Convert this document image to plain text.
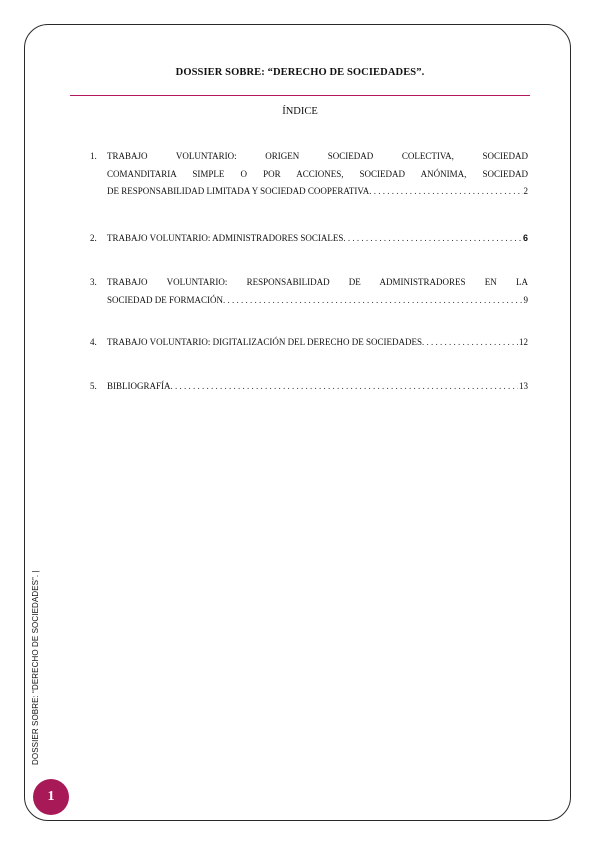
DOSSIER SOBRE: “DERECHO DE SOCIEDADES”.
ÍNDICE
1.	TRABAJO VOLUNTARIO: ORIGEN SOCIEDAD COLECTIVA, SOCIEDAD
COMANDITARIA SIMPLE O POR ACCIONES, SOCIEDAD ANÓNIMA, SOCIEDAD
DE RESPONSABILIDAD LIMITADA Y SOCIEDAD COOPERATIVA . . .	2
2.	TRABAJO VOLUNTARIO: ADMINISTRADORES SOCIALES . . .	6
3.	TRABAJO VOLUNTARIO: RESPONSABILIDAD DE ADMINISTRADORES EN LA
SOCIEDAD DE FORMACIÓN . . .	9
4.	TRABAJO VOLUNTARIO: DIGITALIZACIÓN DEL DERECHO DE SOCIEDADES . . .	12
5.	BIBLIOGRAFÍA . . .	13
DOSSIER SOBRE: “DERECHO DE SOCIEDADES”. |
1
